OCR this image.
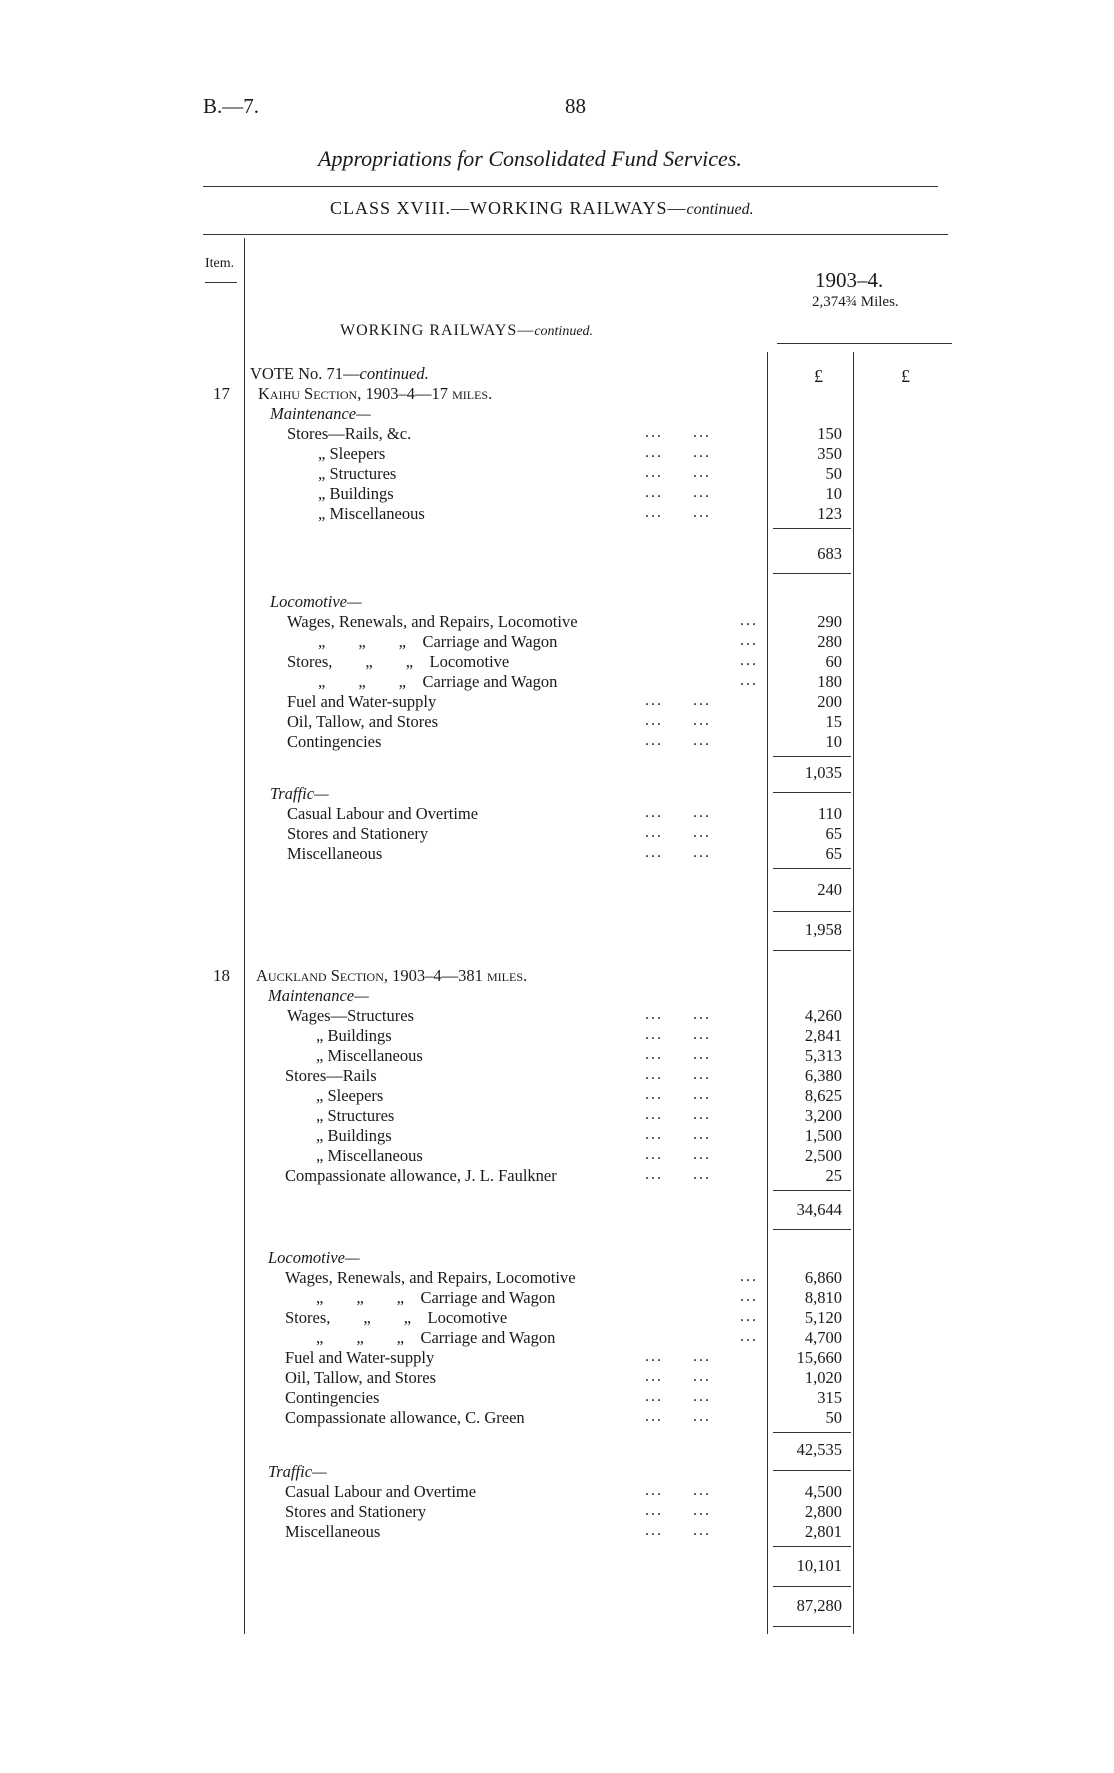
B.—7.	88
Appropriations for Consolidated Fund Services.
CLASS XVIII.—WORKING RAILWAYS—continued.
Item.
1903–4.
2,374¾ Miles.
WORKING RAILWAYS—continued.
£	£
VOTE No. 71—continued.
17 Kaihu Section, 1903–4—17 miles.
Maintenance—
Stores—Rails, &c.	...     ...	150
„ Sleepers	...     ...	350
„ Structures	...     ...	50
„ Buildings	...     ...	10
„ Miscellaneous	...     ...	123
683
Locomotive—
Wages, Renewals, and Repairs, Locomotive	...	290
„        „        „    Carriage and Wagon	...	280
Stores,        „        „    Locomotive	...	60
„        „        „    Carriage and Wagon	...	180
Fuel and Water-supply	...     ...	200
Oil, Tallow, and Stores	...     ...	15
Contingencies	...     ...	10
1,035
Traffic—
Casual Labour and Overtime	...     ...	110
Stores and Stationery	...     ...	65
Miscellaneous	...     ...	65
240
1,958
18 Auckland Section, 1903–4—381 miles.
Maintenance—
Wages—Structures	...     ...	4,260
„ Buildings	...     ...	2,841
„ Miscellaneous	...     ...	5,313
Stores—Rails	...     ...	6,380
„ Sleepers	...     ...	8,625
„ Structures	...     ...	3,200
„ Buildings	...     ...	1,500
„ Miscellaneous	...     ...	2,500
Compassionate allowance, J. L. Faulkner	...     ...	25
34,644
Locomotive—
Wages, Renewals, and Repairs, Locomotive	...	6,860
„        „        „    Carriage and Wagon	...	8,810
Stores,        „        „    Locomotive	...	5,120
„        „        „    Carriage and Wagon	...	4,700
Fuel and Water-supply	...     ...	15,660
Oil, Tallow, and Stores	...     ...	1,020
Contingencies	...     ...	315
Compassionate allowance, C. Green	...     ...	50
42,535
Traffic—
Casual Labour and Overtime	...     ...	4,500
Stores and Stationery	...     ...	2,800
Miscellaneous	...     ...	2,801
10,101
87,280
